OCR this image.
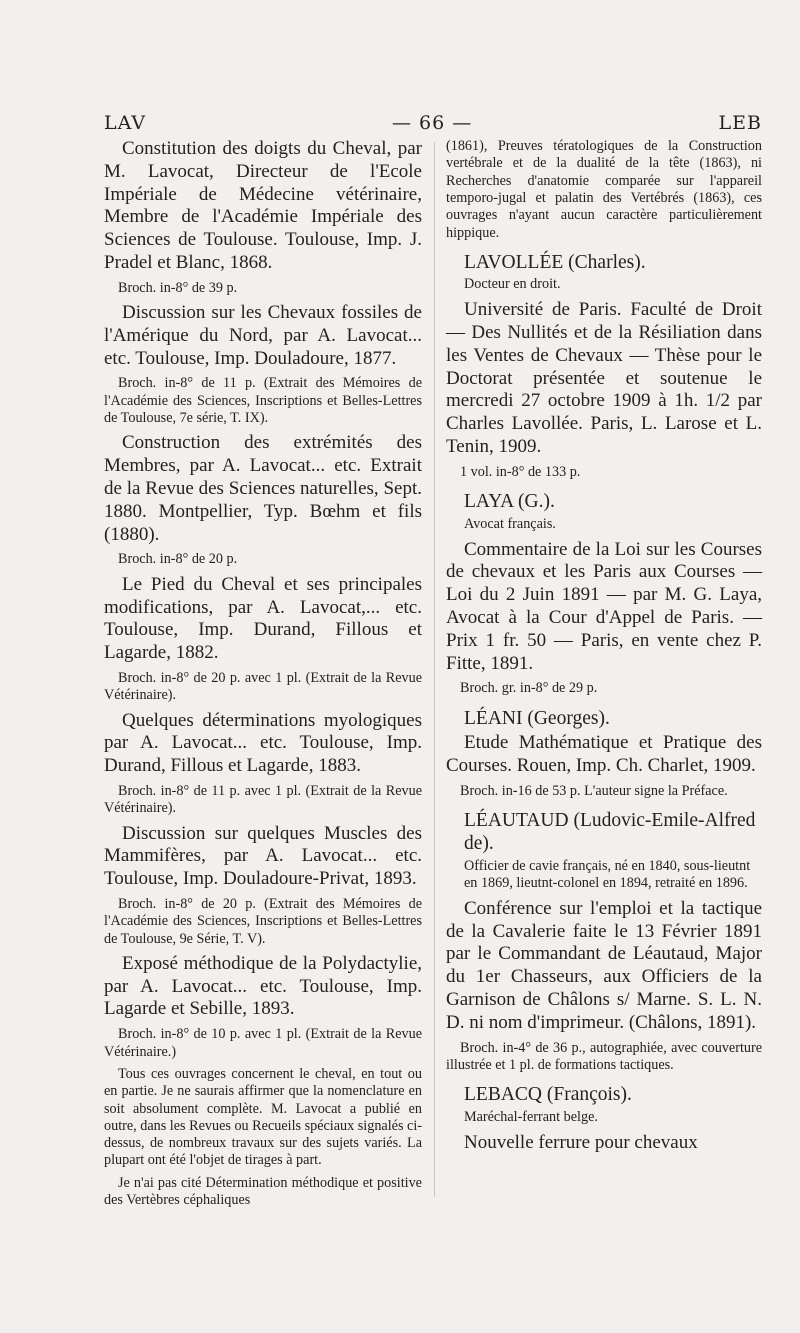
LAV	— 66 —	LEB

Constitution des doigts du Cheval, par M. Lavocat, Directeur de l'Ecole Impériale de Médecine vétérinaire, Membre de l'Académie Impériale des Sciences de Toulouse. Toulouse, Imp. J. Pradel et Blanc, 1868.

Broch. in-8° de 39 p.

Discussion sur les Chevaux fossiles de l'Amérique du Nord, par A. Lavocat... etc. Toulouse, Imp. Douladoure, 1877.

Broch. in-8° de 11 p. (Extrait des Mémoires de l'Académie des Sciences, Inscriptions et Belles-Lettres de Toulouse, 7e série, T. IX).

Construction des extrémités des Membres, par A. Lavocat... etc. Extrait de la Revue des Sciences naturelles, Sept. 1880. Montpellier, Typ. Bœhm et fils (1880).

Broch. in-8° de 20 p.

Le Pied du Cheval et ses principales modifications, par A. Lavocat,... etc. Toulouse, Imp. Durand, Fillous et Lagarde, 1882.

Broch. in-8° de 20 p. avec 1 pl. (Extrait de la Revue Vétérinaire).

Quelques déterminations myologiques par A. Lavocat... etc. Toulouse, Imp. Durand, Fillous et Lagarde, 1883.

Broch. in-8° de 11 p. avec 1 pl. (Extrait de la Revue Vétérinaire).

Discussion sur quelques Muscles des Mammifères, par A. Lavocat... etc. Toulouse, Imp. Douladoure-Privat, 1893.

Broch. in-8° de 20 p. (Extrait des Mémoires de l'Académie des Sciences, Inscriptions et Belles-Lettres de Toulouse, 9e Série, T. V).

Exposé méthodique de la Polydactylie, par A. Lavocat... etc. Toulouse, Imp. Lagarde et Sebille, 1893.

Broch. in-8° de 10 p. avec 1 pl. (Extrait de la Revue Vétérinaire.)

Tous ces ouvrages concernent le cheval, en tout ou en partie. Je ne saurais affirmer que la nomenclature en soit absolument complète. M. Lavocat a publié en outre, dans les Revues ou Recueils spéciaux signalés ci-dessus, de nombreux travaux sur des sujets variés. La plupart ont été l'objet de tirages à part.

Je n'ai pas cité Détermination méthodique et positive des Vertèbres céphaliques

(1861), Preuves tératologiques de la Construction vertébrale et de la dualité de la tête (1863), ni Recherches d'anatomie comparée sur l'appareil temporo-jugal et palatin des Vertébrés (1863), ces ouvrages n'ayant aucun caractère particulièrement hippique.

LAVOLLÉE (Charles).

Docteur en droit.

Université de Paris. Faculté de Droit — Des Nullités et de la Résiliation dans les Ventes de Chevaux — Thèse pour le Doctorat présentée et soutenue le mercredi 27 octobre 1909 à 1h. 1/2 par Charles Lavollée. Paris, L. Larose et L. Tenin, 1909.

1 vol. in-8° de 133 p.

LAYA (G.).

Avocat français.

Commentaire de la Loi sur les Courses de chevaux et les Paris aux Courses — Loi du 2 Juin 1891 — par M. G. Laya, Avocat à la Cour d'Appel de Paris. — Prix 1 fr. 50 — Paris, en vente chez P. Fitte, 1891.

Broch. gr. in-8° de 29 p.

LÉANI (Georges).

Etude Mathématique et Pratique des Courses. Rouen, Imp. Ch. Charlet, 1909.

Broch. in-16 de 53 p. L'auteur signe la Préface.

LÉAUTAUD (Ludovic-Emile-Alfred de).

Officier de cavie français, né en 1840, sous-lieutnt en 1869, lieutnt-colonel en 1894, retraité en 1896.

Conférence sur l'emploi et la tactique de la Cavalerie faite le 13 Février 1891 par le Commandant de Léautaud, Major du 1er Chasseurs, aux Officiers de la Garnison de Châlons s/ Marne. S. L. N. D. ni nom d'imprimeur. (Châlons, 1891).

Broch. in-4° de 36 p., autographiée, avec couverture illustrée et 1 pl. de formations tactiques.

LEBACQ (François).

Maréchal-ferrant belge.

Nouvelle ferrure pour chevaux
